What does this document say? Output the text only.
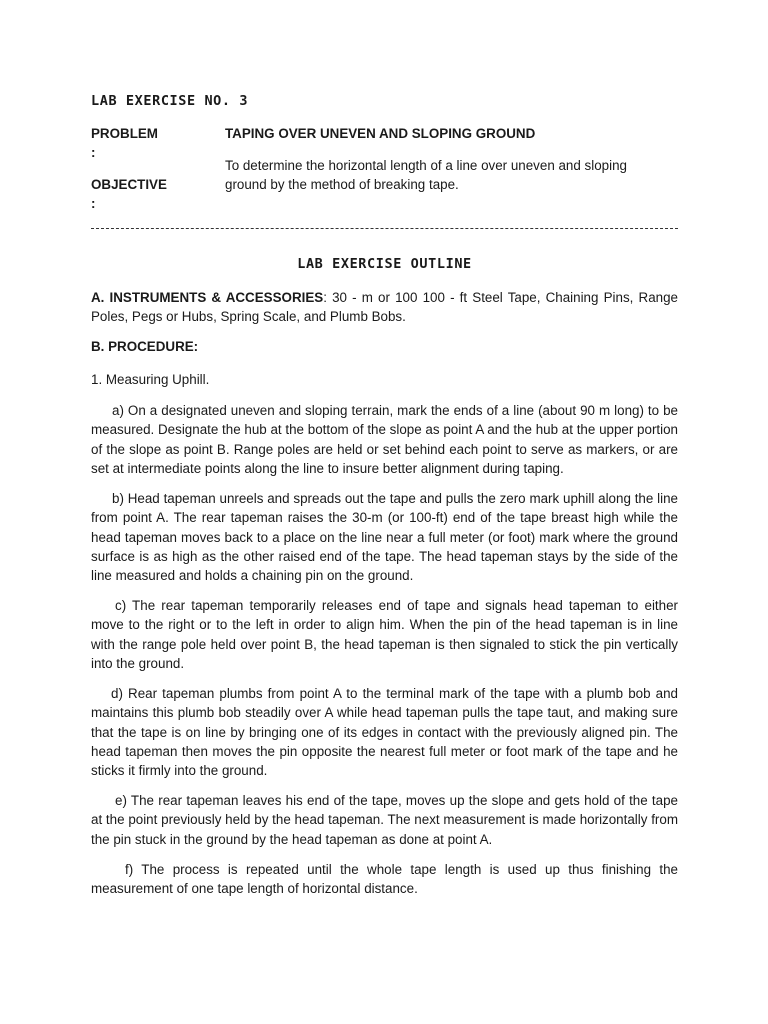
LAB EXERCISE NO. 3
PROBLEM
:
TAPING OVER UNEVEN AND SLOPING GROUND
OBJECTIVE
:
To determine the horizontal length of a line over uneven and sloping ground by the method of breaking tape.
LAB EXERCISE OUTLINE
A. INSTRUMENTS & ACCESSORIES: 30 - m or 100 100 - ft Steel Tape, Chaining Pins, Range Poles, Pegs or Hubs, Spring Scale, and Plumb Bobs.
B. PROCEDURE:
1. Measuring Uphill.
a) On a designated uneven and sloping terrain, mark the ends of a line (about 90 m long) to be measured. Designate the hub at the bottom of the slope as point A and the hub at the upper portion of the slope as point B. Range poles are held or set behind each point to serve as markers, or are set at intermediate points along the line to insure better alignment during taping.
b) Head tapeman unreels and spreads out the tape and pulls the zero mark uphill along the line from point A. The rear tapeman raises the 30-m (or 100-ft) end of the tape breast high while the head tapeman moves back to a place on the line near a full meter (or foot) mark where the ground surface is as high as the other raised end of the tape. The head tapeman stays by the side of the line measured and holds a chaining pin on the ground.
c) The rear tapeman temporarily releases end of tape and signals head tapeman to either move to the right or to the left in order to align him. When the pin of the head tapeman is in line with the range pole held over point B, the head tapeman is then signaled to stick the pin vertically into the ground.
d) Rear tapeman plumbs from point A to the terminal mark of the tape with a plumb bob and maintains this plumb bob steadily over A while head tapeman pulls the tape taut, and making sure that the tape is on line by bringing one of its edges in contact with the previously aligned pin. The head tapeman then moves the pin opposite the nearest full meter or foot mark of the tape and he sticks it firmly into the ground.
e) The rear tapeman leaves his end of the tape, moves up the slope and gets hold of the tape at the point previously held by the head tapeman. The next measurement is made horizontally from the pin stuck in the ground by the head tapeman as done at point A.
f) The process is repeated until the whole tape length is used up thus finishing the measurement of one tape length of horizontal distance.
